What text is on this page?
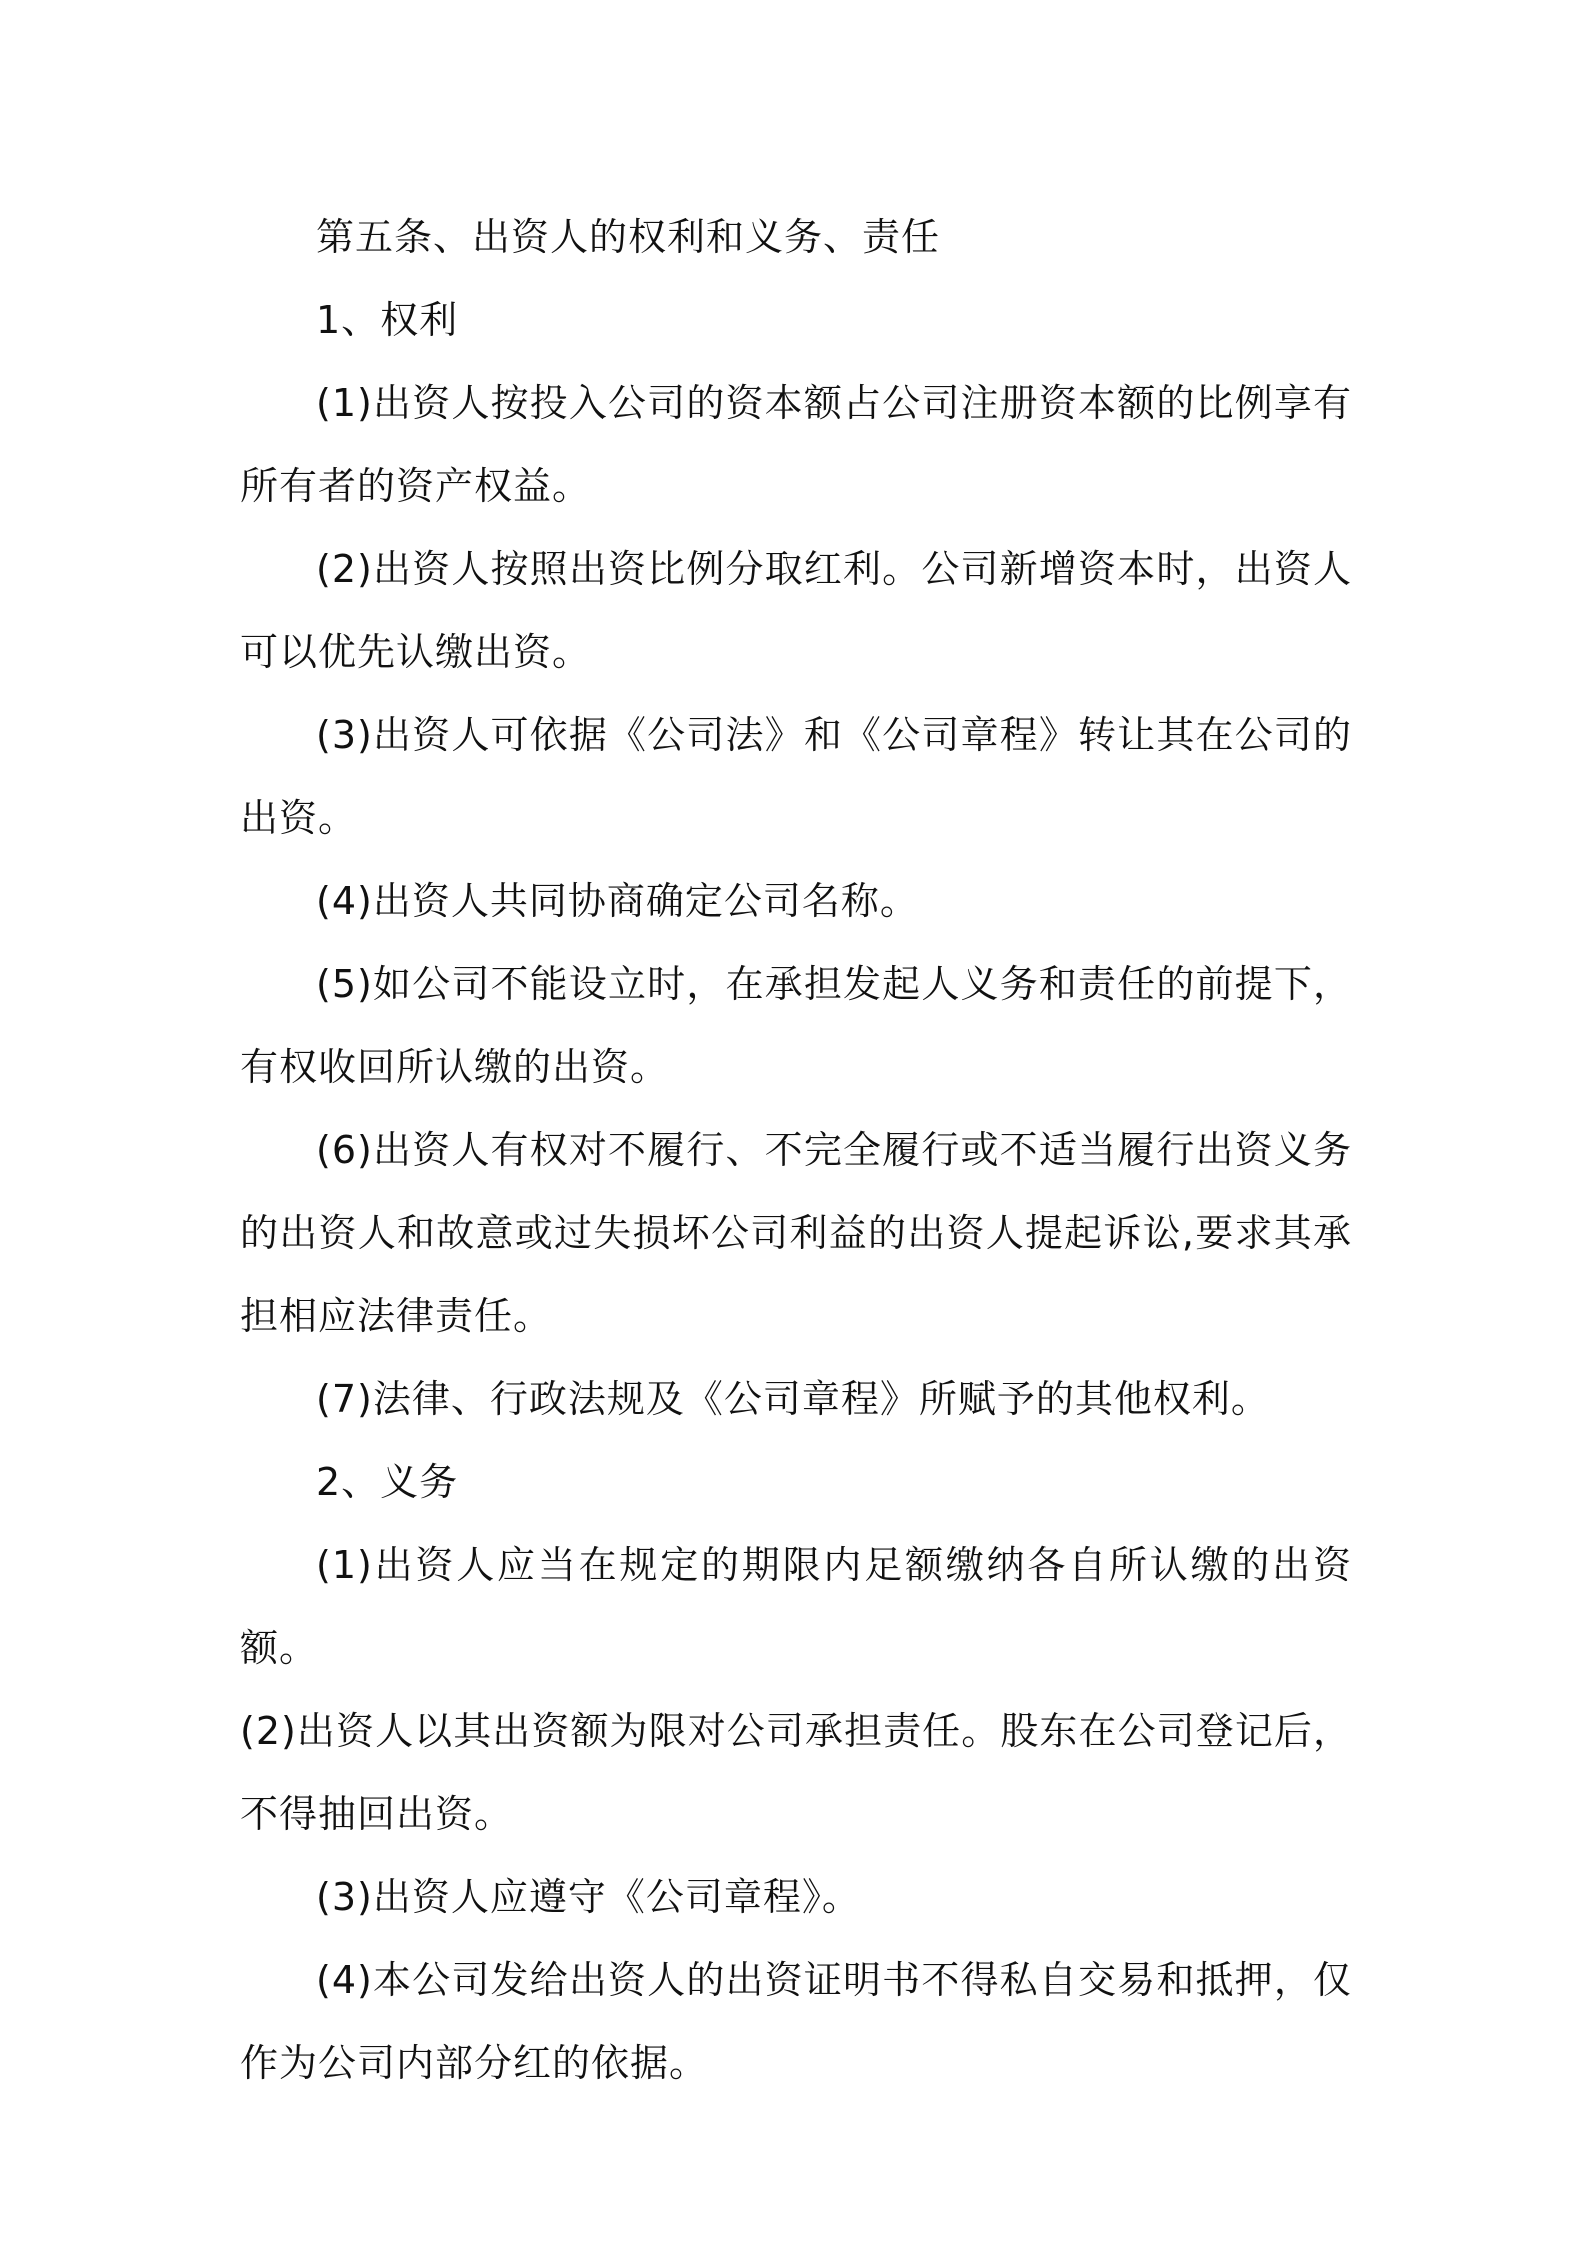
第五条、出资人的权利和义务、责任

1、权利

(1)出资人按投入公司的资本额占公司注册资本额的比例享有所有者的资产权益。

(2)出资人按照出资比例分取红利。公司新增资本时，出资人可以优先认缴出资。

(3)出资人可依据《公司法》和《公司章程》转让其在公司的出资。

(4)出资人共同协商确定公司名称。

(5)如公司不能设立时，在承担发起人义务和责任的前提下，有权收回所认缴的出资。

(6)出资人有权对不履行、不完全履行或不适当履行出资义务的出资人和故意或过失损坏公司利益的出资人提起诉讼,要求其承担相应法律责任。

(7)法律、行政法规及《公司章程》所赋予的其他权利。

2、义务

(1)出资人应当在规定的期限内足额缴纳各自所认缴的出资额。

(2)出资人以其出资额为限对公司承担责任。股东在公司登记后，不得抽回出资。

(3)出资人应遵守《公司章程》。

(4)本公司发给出资人的出资证明书不得私自交易和抵押，仅作为公司内部分红的依据。
